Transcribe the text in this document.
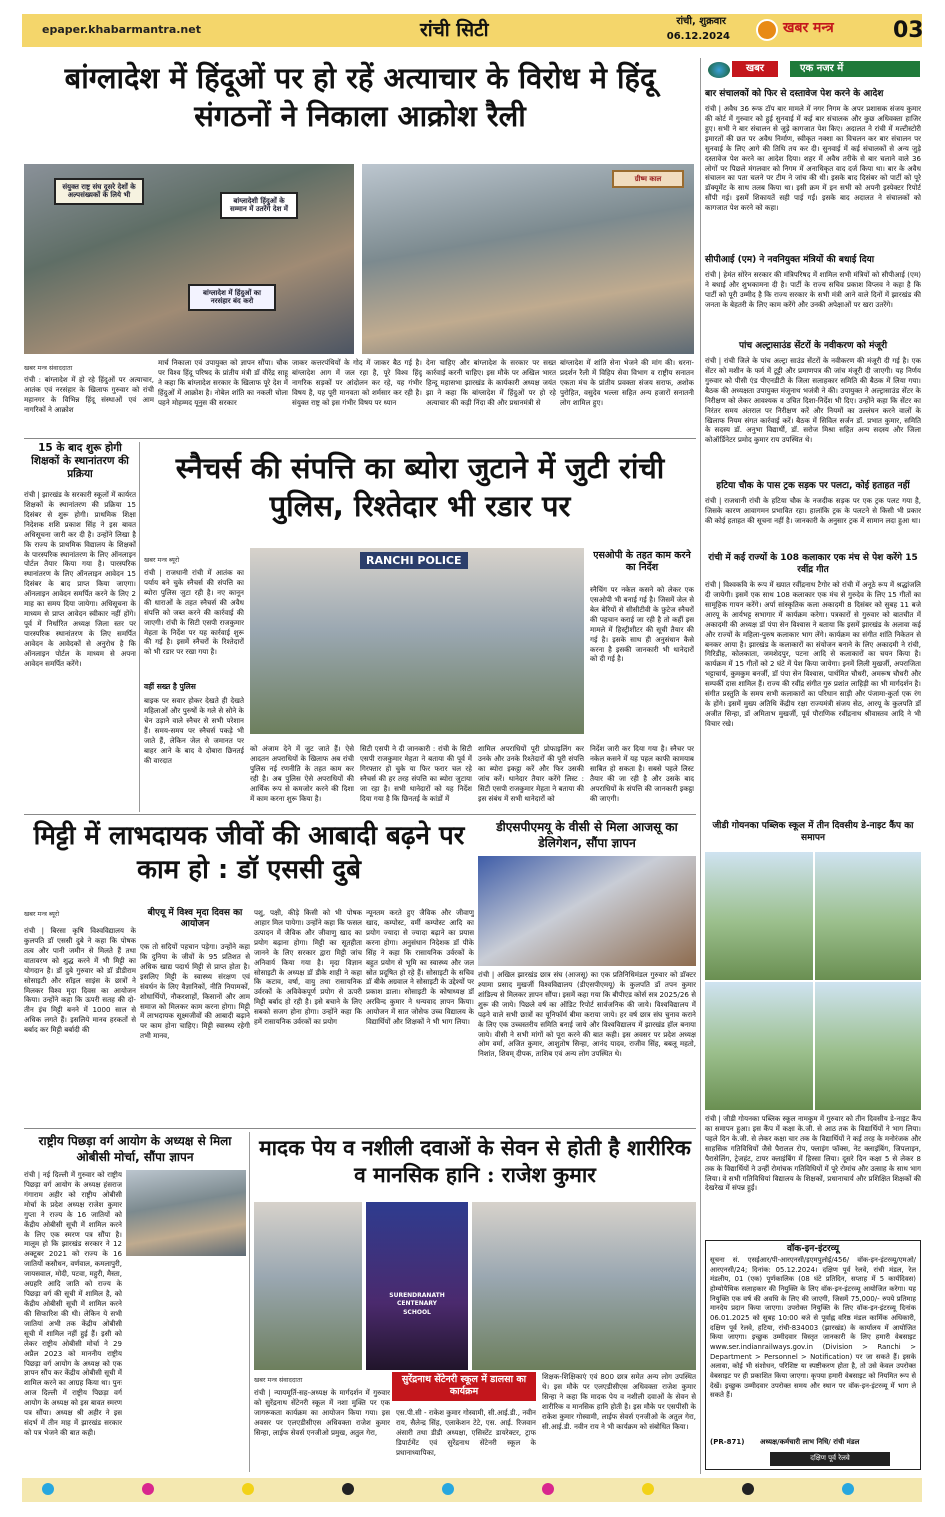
epaper.khabarmantra.net	रांची सिटी	रांची, शुक्रवार
06.12.2024
खबर मन्त्र	03
बांग्लादेश में हिंदूओं पर हो रहें अत्याचार के विरोध मे हिंदू संगठनों ने निकाला आक्रोश रैली
संयुक्त राष्ट्र संघ दूसरे देशों के अल्पसंख्यकों के लिये भी
बांग्लादेशी हिंदुओं के सम्मान में उतरेंगे देश में
बांग्लादेश में हिंदुओं का नरसंहार बंद करो
ग्रीष्म काल
खबर मन्त्र संवाददाता
रांची : बांग्लादेश में हो रहे हिंदुओं पर अत्याचार, आतंक एवं नरसंहार के खिलाफ गुरुवार को रांची महानगर के विभिन्न हिंदू संस्थाओं एवं आम नागरिकों ने आक्रोश
मार्च निकाला एवं उपायुक्त को ज्ञापन सौंपा। चौक पर विश्व हिंदू परिषद के प्रांतीय मंत्री डॉ वीरेंद्र साहू ने कहा कि बांग्लादेश सरकार के खिलाफ पूरे देश में हिंदुओं में आक्रोश है। नोबेल शांति का नकली चोला पहने मोहम्मद यूनुस की सरकार
जाकर कत्तरपंथियों के गोद में जाकर बैठ गई है। बांग्लादेश आग में जल रहा है, पूरे विश्व हिंदू नागरिक सड़कों पर आंदोलन कर रहे, यह गंभीर विषय है, यह पूरी मानवता को शर्मसार कर रही है। संयुक्त राष्ट्र को इस गंभीर विषय पर ध्यान
देना चाहिए और बांग्लादेश के सरकार पर सख्त कार्रवाई करनी चाहिए। इस मौके पर अखिल भारत हिन्दू महासभा झारखंड के कार्यकारी अध्यक्ष जयंत झा ने कहा कि बांग्लादेश में हिंदुओं पर हो रहे अत्याचार की कड़ी निंदा की और प्रधानमंत्री से
बांग्लादेश में शांति सेना भेजने की मांग की। धरना-प्रदर्शन रैली में विहिप सेवा विभाग व राष्ट्रीय सनातन एकता मंच के प्रांतीय प्रवक्ता संजय सराफ, अशोक पुरोहित, वसुदेव भल्ला सहित अन्य हजारों सनातनी लोग शामिल हुए।
15 के बाद शुरू होगी शिक्षकों के स्थानांतरण की प्रक्रिया
रांची | झारखंड के सरकारी स्कूलों में कार्यरत शिक्षकों के स्थानांतरण की प्रक्रिया 15 दिसंबर से शुरू होगी। प्राथमिक शिक्षा निदेशक शशि प्रकाश सिंह ने इस बावत अधिसूचना जारी कर दी है। उन्होंने लिखा है कि राज्य के प्राथमिक विद्यालय के शिक्षकों के पारस्परिक स्थानांतरण के लिए ऑनलाइन पोर्टल तैयार किया गया है। पारस्परिक स्थानांतरण के लिए ऑनलाइन आवेदन 15 दिसंबर के बाद प्राप्त किया जाएगा। ऑनलाइन आवेदन समर्पित करने के लिए 2 माह का समय दिया जायेगा। अधिसूचना के माध्यम से प्राप्त आवेदन स्वीकार नहीं होंगे। पूर्व में निर्धारित अध्यक्ष जिला स्तर पर पारस्परिक स्थानांतरण के लिए समर्पित आवेदन के आवेदकों से अनुरोध है कि ऑनलाइन पोर्टल के माध्यम से अपना आवेदन समर्पित करेंगे।
स्नैचर्स की संपत्ति का ब्योरा जुटाने में जुटी रांची पुलिस, रिश्तेदार भी रडार पर
खबर मन्त्र ब्यूरो
रांची | राजधानी रांची में आतंक का पर्याय बने चुके स्नैचर्स की संपत्ति का ब्योरा पुलिस जुटा रही है। नए कानून की धाराओं के तहत स्नैचर्स की अवैध संपत्ति को जब्त करने की कार्रवाई की जाएगी। रांची के सिटी एसपी राजकुमार मेहता के निर्देश पर यह कार्रवाई शुरू की गई है। इसमें स्नैचरों के रिश्तेदारों को भी रडार पर रखा गया है।
वहीं सख्त है पुलिस
बाइक पर सवार होकर देखते ही देखते महिलाओं और पुरुषों के गले से सोने के चेन उड़ाने वाले स्नैचर से सभी परेशान हैं। समय-समय पर स्नैचर्स पकड़े भी जाते हैं, लेकिन जेल से जमानत पर बाहर आने के बाद वे दोबारा छिनतई की वारदात
RANCHI POLICE
को अंजाम देने में जुट जाते हैं। ऐसे आदतन अपराधियों के खिलाफ अब रांची पुलिस नई रणनीति के तहत काम कर रही है। अब पुलिस ऐसे अपराधियों की आर्थिक रूप से कमजोर करने की दिशा में काम करना शुरू किया है।
सिटी एसपी ने दी जानकारी : रांची के सिटी एसपी राजकुमार मेहता ने बताया की पूर्व में गिरफ्तार हो चुके या फिर फरार चल रहे स्नैचर्स की हर तरह संपत्ति का ब्योरा जुटाया जा रहा है। सभी थानेदारों को यह निर्देश दिया गया है कि छिनतई के कांडों में
शामिल अपराधियों पूरी प्रोफाइलिंग कर उनके और उनके रिश्तेदारों की पूरी संपत्ति का ब्योरा इकट्ठा करें और फिर उसकी जांच करें। थानेदार तैयार करेंगे लिस्ट : सिटी एसपी राजकुमार मेहता ने बताया की इस संबंध में सभी थानेदारों को
एसओपी के तहत काम करने का निर्देश
स्नैचिंग पर नकेल कसने को लेकर एक एसओपी भी बनाई गई है। जिसमें जेल से बेल बेरियों से सीसीटीवी के फ़ुटेज स्नैचरों की पहचान कराई जा रही है तो कहीं इस मामले में हिस्ट्रीशीटर की सूची तैयार की गई है। इसके साथ ही अनुसंधान कैसे करना है इसकी जानकारी भी थानेदारों को दी गई है।
निर्देश जारी कर दिया गया है। स्नैचर पर नकेल कसने में यह पहल काफी कामयाब साबित हो सकता है। सबसे पहले लिस्ट तैयार की जा रही है और उसके बाद अपराधियों के संपत्ति की जानकारी इकट्ठा की जाएगी।
मिट्टी में लाभदायक जीवों की आबादी बढ़ने पर काम हो : डॉ एससी दुबे
खबर मन्त्र ब्यूरो
रांची | बिरसा कृषि विश्वविद्यालय के कुलपति डॉ एससी दुबे ने कहा कि पोषक तत्व और पानी जमीन से मिलते हैं तथा वातावरण को शुद्ध करने में भी मिट्टी का योगदान है। डॉ दुबे गुरुवार को डॉ डीडीराम सोसाइटी और सॉइल साइंस के छात्रों ने मिलकर विश्व मृदा दिवस का आयोजन किया। उन्होंने कहा कि ऊपरी सतह की दो-तीन इंच मिट्टी बनने में 1000 साल से अधिक लगते हैं। इसलिये मानव हरकतों से बर्बाद कर मिट्टी बर्बादी की
बीएयू में विश्व मृदा दिवस का आयोजन
एक तो सदियों पहचान पड़ेगा। उन्होंने कहा कि दुनिया के जीवों के 95 प्रतिशत से अधिक खाद्य पदार्थ मिट्टी से प्राप्त होता है। इसलिए मिट्टी के स्वास्थ्य संरक्षण एवं संवर्धन के लिए वैज्ञानिकों, नीति नियामकों, शोधार्थियों, नौकरशाहों, किसानों और आम समाज को मिलकर काम करना होगा। मिट्टी में लाभदायक सूक्ष्मजीवों की आबादी बढ़ाने पर काम होना चाहिए। मिट्टी स्वास्थ्य रहेगी तभी मानव,
पशु, पक्षी, कीड़े किसी को भी पोषक आहार मिल पायेगा। उन्होंने कहा कि फसल उत्पादन में जैविक और जीवाणु खाद का प्रयोग बढ़ाना होगा। मिट्टी का सूतहीता जानने के लिए सरकार द्वारा मिट्टी जांच अनिवार्य किया गया है। मृदा विज्ञान सोसाइटी के अध्यक्ष डॉ डीके शाही ने कहा कि कटाव, वर्षा, वायु तथा रासायनिक उर्वरकों के अविवेकपूर्ण प्रयोग से ऊपरी मिट्टी बर्बाद हो रही है। इसे बचाने के लिए सबको सजग होना होगा। उन्होंने कहा कि हमें रासायनिक उर्वरकों का प्रयोग
न्यूनतम करते हुए जैविक और जीवाणु खाद, कम्पोस्ट, वर्मी कम्पोस्ट आदि का प्रयोग ज्यादा से ज्यादा बढ़ाने का प्रयास करना होगा। अनुसंधान निदेशक डॉ पीके सिंह ने कहा कि रासायनिक उर्वरकों के बहुत प्रयोग से भूमि का स्वास्थ्य और जल स्रोत प्रदूषित हो रहे हैं। सोसाइटी के सचिव डॉ बीके अग्रवाल ने सोसाइटी के उद्देश्यों पर प्रकाश डाला। सोसाइटी के कोषाध्यक्ष डॉ अरविन्द कुमार ने धन्यवाद ज्ञापन किया। आयोजन में सात जोसेफ उच्च विद्यालय के विद्यार्थियों और शिक्षकों ने भी भाग लिया।
डीएसपीएमयू के वीसी से मिला आजसू का डेलिगेशन, सौंपा ज्ञापन
रांची | अखिल झारखंड छात्र संघ (आजसू) का एक प्रतिनिधिमंडल गुरुवार को डॉक्टर श्यामा प्रसाद मुखर्जी विश्वविद्यालय (डीएसपीएमयू) के कुलपति डॉ तपन कुमार शांडिल्य से मिलकर ज्ञापन सौंपा। इसमें कहा गया कि बीपीएड कोर्स सत्र 2025/26 से शुरू की जाये। पिछले वर्ष का ऑडिट रिपोर्ट सार्वजनिक की जाये। विश्वविद्यालय में पढ़ने वाले सभी छात्रों का यूनिफॉर्म बीमा कराया जाये। हर वर्ष छात्र संघ चुनाव कराने के लिए एक उच्चस्तरीय समिति बनाई जाये और विश्वविद्यालय में झारखंड हॉल बनाया जाये। वीसी ने सभी मांगों को पूरा करने की बात कही। इस अवसर पर प्रदेश अध्यक्ष ओम वर्मा, अजित कुमार, आशुतोष सिन्हा, आनंद यादव, राजीव सिंह, बबलू महतो, निशांत, शिवम् दीपक, ताशिब एवं अन्य लोग उपस्थित थे।
राष्ट्रीय पिछड़ा वर्ग आयोग के अध्यक्ष से मिला ओबीसी मोर्चा, सौंपा ज्ञापन
रांची | नई दिल्ली में गुरुवार को राष्ट्रीय पिछड़ा वर्ग आयोग के अध्यक्ष हंसराज गंगाराम अहीर को राष्ट्रीय ओबीसी मोर्चा के प्रदेश अध्यक्ष राजेश कुमार गुप्ता ने राज्य के 16 जातियों को केंद्रीय ओबीसी सूची में शामिल करने के लिए एक स्मरण पत्र सौंपा है। मालूम हो कि झारखंड सरकार ने 12 अक्टूबर 2021 को राज्य के 16 जातियों कसौधन, वर्णवाल, कमलापुरी, जायसवाल, मोदी, पटवा, महुरी, मैस्ता, अग्रहरि आदि जाति को राज्य के पिछड़ा वर्ग की सूची में शामिल है, को केंद्रीय ओबीसी सूची में शामिल करने की सिफारिश की थी। लेकिन ये सभी जातियां अभी तक केंद्रीय ओबीसी सूची में शामिल नहीं हुई हैं। इसी को लेकर राष्ट्रीय ओबीसी मोर्चा ने 29 अप्रैल 2023 को माननीय राष्ट्रीय पिछड़ा वर्ग आयोग के अध्यक्ष को एक ज्ञापन सौंप कर केंद्रीय ओबीसी सूची में शामिल करने का आग्रह किया था। पुनः आज दिल्ली में राष्ट्रीय पिछड़ा वर्ग आयोग के अध्यक्ष को इस बावत स्मरण पत्र सौंपा। अध्यक्ष श्री अहीर ने इस संदर्भ में तीन माह में झारखंड सरकार को पत्र भेजने की बात कही।
मादक पेय व नशीली दवाओं के सेवन से होती है शारीरिक व मानसिक हानि : राजेश कुमार
SURENDRANATH CENTENARY SCHOOL
खबर मन्त्र संवाददाता
रांची | न्यायमूर्ति-सह-अध्यक्ष के मार्गदर्शन में गुरुवार को सुरेंद्रनाथ सेंटेनरी स्कूल में नशा मुक्ति पर एक जागरूकता कार्यक्रम का आयोजन किया गया। इस अवसर पर एलएडीसीएस अधिवक्ता राजेश कुमार सिन्हा, लाईफ सेवर्स एनजीओ प्रमुख, अतुल गेरा,
सुरेंद्रनाथ सेंटेनरी स्कूल में डालसा का कार्यक्रम
एस.पी.सी - राकेश कुमार गोस्वामी, सी.आई.डी., नवीन राय, सैलेन्द्र सिंह, एलाकेशन टेटे, एस. आई. रिजवान अंसारी तथा डीडी अध्यक्षा, एसिस्टेंट डायरेक्टर, ट्राफ डिपार्टमेंट एवं सुरेंद्रनाथ सेंटेनरी स्कूल के प्रधानाध्यापिका,
शिक्षक-शिक्षिकाएं एवं 800 छात्र समेत अन्य लोग उपस्थित थे। इस मौके पर एलएडीसीएस अधिवक्ता राजेश कुमार सिन्हा ने कहा कि मादक पेय व नशीली दवाओं के सेवन से शारीरिक व मानसिक हानि होती है। इस मौके पर एसपीसी के राकेश कुमार गोस्वामी, लाईफ सेवर्स एनजीओ के अतुल गेरा, सी.आई.डी. नवीन राय ने भी कार्यक्रम को संबोधित किया।
खबर	एक नजर में
बार संचालकों को फिर से दस्तावेज पेश करने के आदेश
रांची | अवैध 36 रूफ टॉप बार मामले में नगर निगम के अपर प्रशासक संजय कुमार की कोर्ट में गुरुवार को हुई सुनवाई में कई बार संचालक और कुछ अधिवक्ता हाजिर हुए। सभी ने बार संचालन से जुड़े कागजात पेश किए। अदालत ने रांची में मल्टीस्टोरी इमारतों की छत पर अवैध निर्माण, स्वीकृत नक्शा का विचलन कर बार संचालन पर सुनवाई के लिए आगे की तिथि तय कर दी। सुनवाई में कई संचालकों से अन्य जुड़े दस्तावेज पेश करने का आदेश दिया। शहर में अवैध तरीके से बार चलाने वाले 36 लोगों पर पिछले मंगलवार को निगम में अनाधिकृत वाद दर्ज किया था। बार के अवैध संचालन का पता चलने पर टीम ने जांच की थी। इसके बाद दिसंबर को पार्टी को पूरे डॉक्यूमेंट के साथ तलब किया था। इसी क्रम में इन सभी को अपनी इस्पेक्टर रिपोर्ट सौंपी गई। इसमें शिकायतें सही पाई गईं। इसके बाद अदालत ने संचालकों को कागजात पेश करने को कहा।
सीपीआई (एम) ने नवनियुक्त मंत्रियों की बधाई दिया
रांची | हेमंत सोरेन सरकार की मंत्रिपरिषद में शामिल सभी मंत्रियों को सीपीआई (एम) ने बधाई और शुभकामना दी है। पार्टी के राज्य सचिव प्रकाश विप्लव ने कहा है कि पार्टी को पूरी उम्मीद है कि राज्य सरकार के सभी मंत्री आने वाले दिनों में झारखंड की जनता के बेहतरी के लिए काम करेंगे और उनकी अपेक्षाओं पर खरा उतरेंगे।
पांच अल्ट्रासाउंड सेंटरों के नवीकरण को मंजूरी
रांची | रांची जिले के पांच अल्ट्रा साउंड सेंटरों के नवीकरण की मंजूरी दी गई है। एक सेंटर को मशीन के फर्म में टूट्टी और प्रमाणपत्र की जांच मंजूरी दी जाएगी। यह निर्णय गुरुवार को पीसी एंड पीएनडीटी के जिला सलाहकार समिति की बैठक में लिया गया। बैठक की अध्यक्षता उपायुक्त मंजूनाथ भजंत्री ने की। उपायुक्त ने अल्ट्रासाउंड सेंटर के निरीक्षण को लेकर आवश्यक व उचित दिशा-निर्देश भी दिए। उन्होंने कहा कि सेंटर का निरंतर समय अंतराल पर निरीक्षण करें और नियमों का उल्लंघन करने वालों के खिलाफ नियम संगत कार्रवाई करें। बैठक में सिविल सर्जन डॉ. प्रभात कुमार, समिति के सदस्य डॉ. अनुभा विद्यार्थी, डॉ. सरोज मिश्रा सहित अन्य सदस्य और जिला कोऑर्डिनेटर प्रमोद कुमार राय उपस्थित थे।
हटिया चौक के पास ट्रक सड़क पर पलटा, कोई हताहत नहीं
रांची | राजधानी रांची के हटिया चौक के नजदीक सड़क पर एक ट्रक पलट गया है, जिसके कारण आवागमन प्रभावित रहा। हालांकि ट्रक के पलटने से किसी भी प्रकार की कोई हताहत की सूचना नहीं है। जानकारी के अनुसार ट्रक में सामान लदा हुआ था।
रांची में कई राज्यों के 108 कलाकार एक मंच से पेश करेंगे 15 रवींद्र गीत
रांची | विश्वकवि के रूप में ख्यात रवींद्रनाथ टैगोर को रांची में अनूठे रूप में श्रद्धांजलि दी जायेगी। इसमें एक साथ 108 कलाकार एक मंच से गुरुदेव के लिए 15 गीतों का सामूहिक गायन करेंगे। अर्पा सांस्कृतिक कला अकादमी 8 दिसंबर को सुबह 11 बजे आरयू के आर्यभट्ट सभागार में कार्यक्रम करेगा। पत्रकारों से गुरुवार को बातचीत में अकादमी की अध्यक्ष डॉ पंपा सेन विश्वास ने बताया कि इसमें झारखंड के अलावा कई और राज्यों के महिला-पुरुष कलाकार भाग लेंगे। कार्यक्रम का संगीत शांति निकेतन से बनकर आया है। झारखंड के कलाकारों का संयोजन बनाने के लिए अकादमी ने रांची, गिरिडीह, कोलकाता, जमशेदपुर, पटना आदि से कलाकारों का चयन किया है। कार्यक्रम में 15 गीतों को 2 घंटे में पेश किया जायेगा। इनमें लिली मुखर्जी, अपराजिता भट्टाचार्य, कुमकुम बनर्जी, डॉ पंपा सेन विश्वास, पार्थमित चौधरी, अमरूष चौधरी और सम्पर्की दास शामिल हैं। राज्य की रवींद्र संगीत गुरु प्रशांत लाहिड़ी का भी मार्गदर्शन है। संगीत प्रस्तुति के समय सभी कलाकारों का परिधान साड़ी और पंजामा-कुर्ता एक रंग के होंगे। इसमें मुख्य अतिथि केंद्रीय रक्षा राज्यमंत्री संजय सेठ, आरयू के कुलपति डॉ अजीत सिन्हा, डॉ अमिताभ मुखर्जी, पूर्व पौराणिक रवींद्रनाथ श्रीवास्तव आदि ने भी विचार रखे।
जीडी गोयनका पब्लिक स्कूल में तीन दिवसीय डे-नाइट कैंप का समापन
रांची | जीडी गोयनका पब्लिक स्कूल नामकुम में गुरुवार को तीन दिवसीय डे-नाइट कैंप का समापन हुआ। इस कैंप में कक्षा के.जी. से आठ तक के विद्यार्थियों ने भाग लिया। पहले दिन के.जी. से लेकर कक्षा चार तक के विद्यार्थियों ने कई तरह के मनोरंजक और साहसिक गतिविधियों जैसे पैरालल रोप, फ्लाइंग फॉक्स, नेट क्लाइंबिंग, जिपलाइन, पैरासेलिंग, ट्रेजहंट, टायर क्लाइंबिंग में हिस्सा लिया। दूसरे दिन कक्षा 5 से लेकर 8 तक के विद्यार्थियों ने उन्हीं रोमांचक गतिविधियों में पूरे रोमांच और उत्साह के साथ भाग लिया। वे सभी गतिविधियां विद्यालय के शिक्षकों, प्रधानाचार्य और प्रशिक्षित शिक्षकों की देखरेख में संपन्न हुईं।
वॉक-इन-इंटरव्यू
सूचना सं. एसईआर/पी-आरएनसी/इएमपुलोई/456/ वॉक-इन-इंटरव्यू/एमओ/आरएनसी/24; दिनांक: 05.12.2024। दक्षिण पूर्व रेलवे, रांची मंडल, रेल मंडलीय, 01 (एक) पूर्णकालिक (08 घंटे प्रतिदिन, सप्ताह में 5 कार्यदिवस) होम्योपैथिक सलाहकार की नियुक्ति के लिए वॉक-इन-इंटरव्यू आयोजित करेगा। यह नियुक्ति एक वर्ष की अवधि के लिए की जाएगी, जिसमें 75,000/- रुपये प्रतिमाह मानदेय प्रदान किया जाएगा। उपरोक्त नियुक्ति के लिए वॉक-इन-इंटरव्यू दिनांक 06.01.2025 को सुबह 10:00 बजे से पूर्वाह्न वरिष्ठ मंडल कार्मिक अधिकारी, दक्षिण पूर्व रेलवे, हटिया, रांची-834003 (झारखंड) के कार्यालय में आयोजित किया जाएगा। इच्छुक उम्मीदवार विस्तृत जानकारी के लिए हमारी वेबसाइट www.ser.indianrailways.gov.in (Division > Ranchi > Department > Personnel > Notification) पर जा सकते हैं। इसके अलावा, कोई भी संशोधन, परिशिष्ट या स्पष्टीकरण होता है, तो उसे केवल उपरोक्त वेबसाइट पर ही प्रकाशित किया जाएगा। कृपया हमारी वेबसाइट को नियमित रूप से देखें। इच्छुक उम्मीदवार उपरोक्त समय और स्थान पर वॉक-इन-इंटरव्यू में भाग ले सकते हैं।
(PR-871) अध्यक्ष/कर्मचारी लाभ निधि/ रांची मंडल
दक्षिण पूर्व रेलवे
